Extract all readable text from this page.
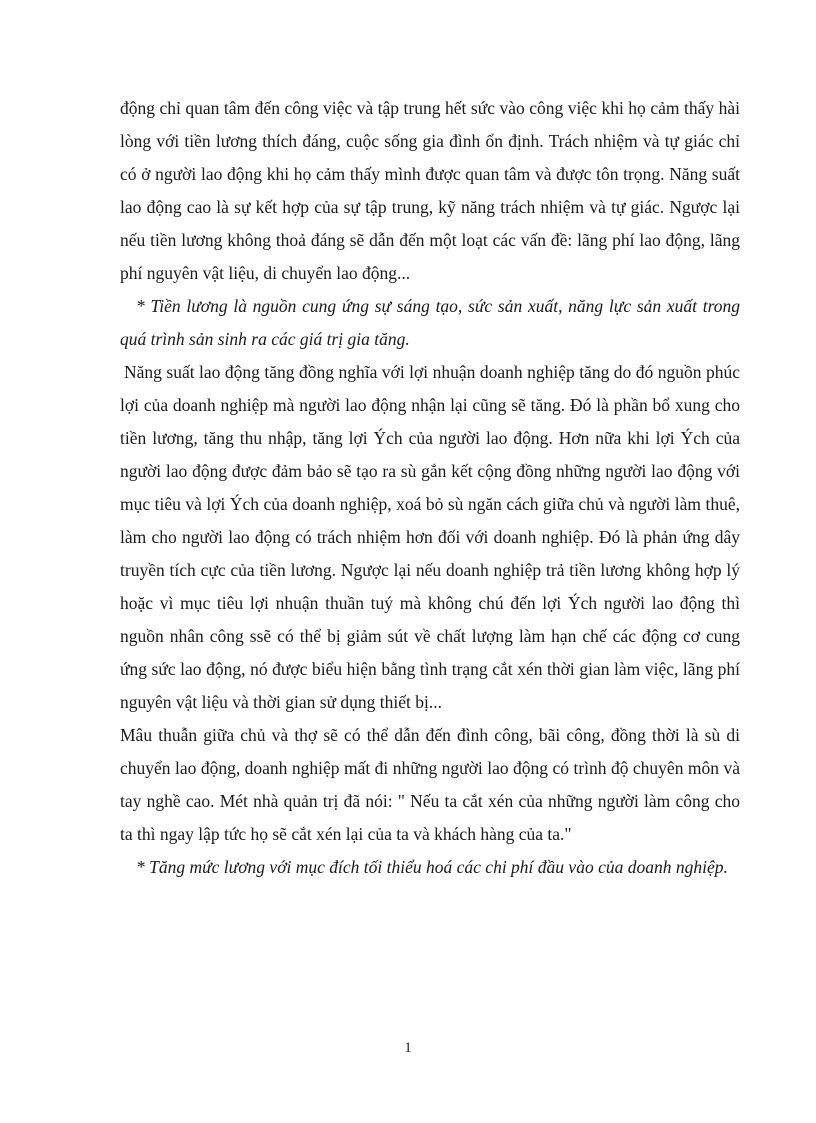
động chỉ quan tâm đến công việc và tập trung hết sức vào công việc khi họ cảm thấy hài lòng với tiền lương thích đáng, cuộc sống gia đình ổn định. Trách nhiệm và tự giác chỉ có ở người lao động khi họ cảm thấy mình được quan tâm và được tôn trọng. Năng suất lao động cao là sự kết hợp của sự tập trung, kỹ năng trách nhiệm và tự giác. Ngược lại nếu tiền lương không thoả đáng sẽ dẫn đến một loạt các vấn đề: lãng phí lao động, lãng phí nguyên vật liệu, di chuyển lao động...

* Tiền lương là nguồn cung ứng sự sáng tạo, sức sản xuất, năng lực sản xuất trong quá trình sản sinh ra các giá trị gia tăng.

Năng suất lao động tăng đồng nghĩa với lợi nhuận doanh nghiệp tăng do đó nguồn phúc lợi của doanh nghiệp mà người lao động nhận lại cũng sẽ tăng. Đó là phần bổ xung cho tiền lương, tăng thu nhập, tăng lợi Ých của người lao động. Hơn nữa khi lợi Ých của người lao động được đảm bảo sẽ tạo ra sù gắn kết cộng đồng những người lao động với mục tiêu và lợi Ých của doanh nghiệp, xoá bỏ sù ngăn cách giữa chủ và người làm thuê, làm cho người lao động có trách nhiệm hơn đối với doanh nghiệp. Đó là phản ứng dây truyền tích cực của tiền lương. Ngược lại nếu doanh nghiệp trả tiền lương không hợp lý hoặc vì mục tiêu lợi nhuận thuần tuý mà không chú đến lợi Ých người lao động thì nguồn nhân công ssẽ có thể bị giảm sút về chất lượng làm hạn chế các động cơ cung ứng sức lao động, nó được biểu hiện bằng tình trạng cắt xén thời gian làm việc, lãng phí nguyên vật liệu và thời gian sử dụng thiết bị...

Mâu thuẫn giữa chủ và thợ sẽ có thể dẫn đến đình công, bãi công, đồng thời là sù di chuyển lao động, doanh nghiệp mất đi những người lao động có trình độ chuyên môn và tay nghề cao. Mét nhà quản trị đã nói: " Nếu ta cắt xén của những người làm công cho ta thì ngay lập tức họ sẽ cắt xén lại của ta và khách hàng của ta."

* Tăng mức lương với mục đích tối thiểu hoá các chi phí đầu vào của doanh nghiệp.

1
